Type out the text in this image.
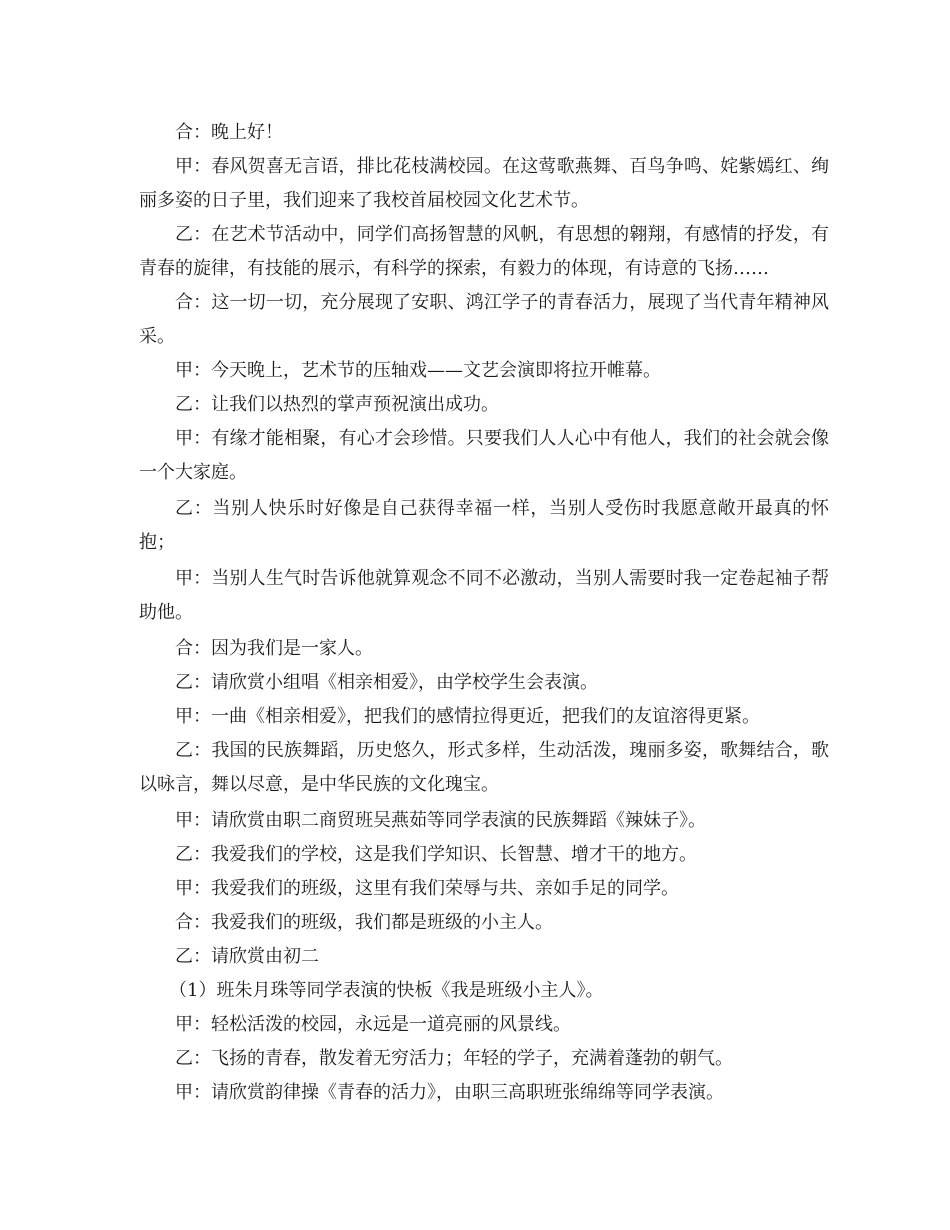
合：晚上好！

甲：春风贺喜无言语，排比花枝满校园。在这莺歌燕舞、百鸟争鸣、姹紫嫣红、绚丽多姿的日子里，我们迎来了我校首届校园文化艺术节。

乙：在艺术节活动中，同学们高扬智慧的风帆，有思想的翱翔，有感情的抒发，有青春的旋律，有技能的展示，有科学的探索，有毅力的体现，有诗意的飞扬……

合：这一切一切，充分展现了安职、鸿江学子的青春活力，展现了当代青年精神风采。

甲：今天晚上，艺术节的压轴戏——文艺会演即将拉开帷幕。

乙：让我们以热烈的掌声预祝演出成功。

甲：有缘才能相聚，有心才会珍惜。只要我们人人心中有他人，我们的社会就会像一个大家庭。

乙：当别人快乐时好像是自己获得幸福一样，当别人受伤时我愿意敞开最真的怀抱；

甲：当别人生气时告诉他就算观念不同不必激动，当别人需要时我一定卷起袖子帮助他。

合：因为我们是一家人。

乙：请欣赏小组唱《相亲相爱》，由学校学生会表演。

甲：一曲《相亲相爱》，把我们的感情拉得更近，把我们的友谊溶得更紧。

乙：我国的民族舞蹈，历史悠久，形式多样，生动活泼，瑰丽多姿，歌舞结合，歌以咏言，舞以尽意，是中华民族的文化瑰宝。

甲：请欣赏由职二商贸班吴燕茹等同学表演的民族舞蹈《辣妹子》。

乙：我爱我们的学校，这是我们学知识、长智慧、增才干的地方。

甲：我爱我们的班级，这里有我们荣辱与共、亲如手足的同学。

合：我爱我们的班级，我们都是班级的小主人。

乙：请欣赏由初二

（1）班朱月珠等同学表演的快板《我是班级小主人》。

甲：轻松活泼的校园，永远是一道亮丽的风景线。

乙：飞扬的青春，散发着无穷活力；年轻的学子，充满着蓬勃的朝气。

甲：请欣赏韵律操《青春的活力》，由职三高职班张绵绵等同学表演。
